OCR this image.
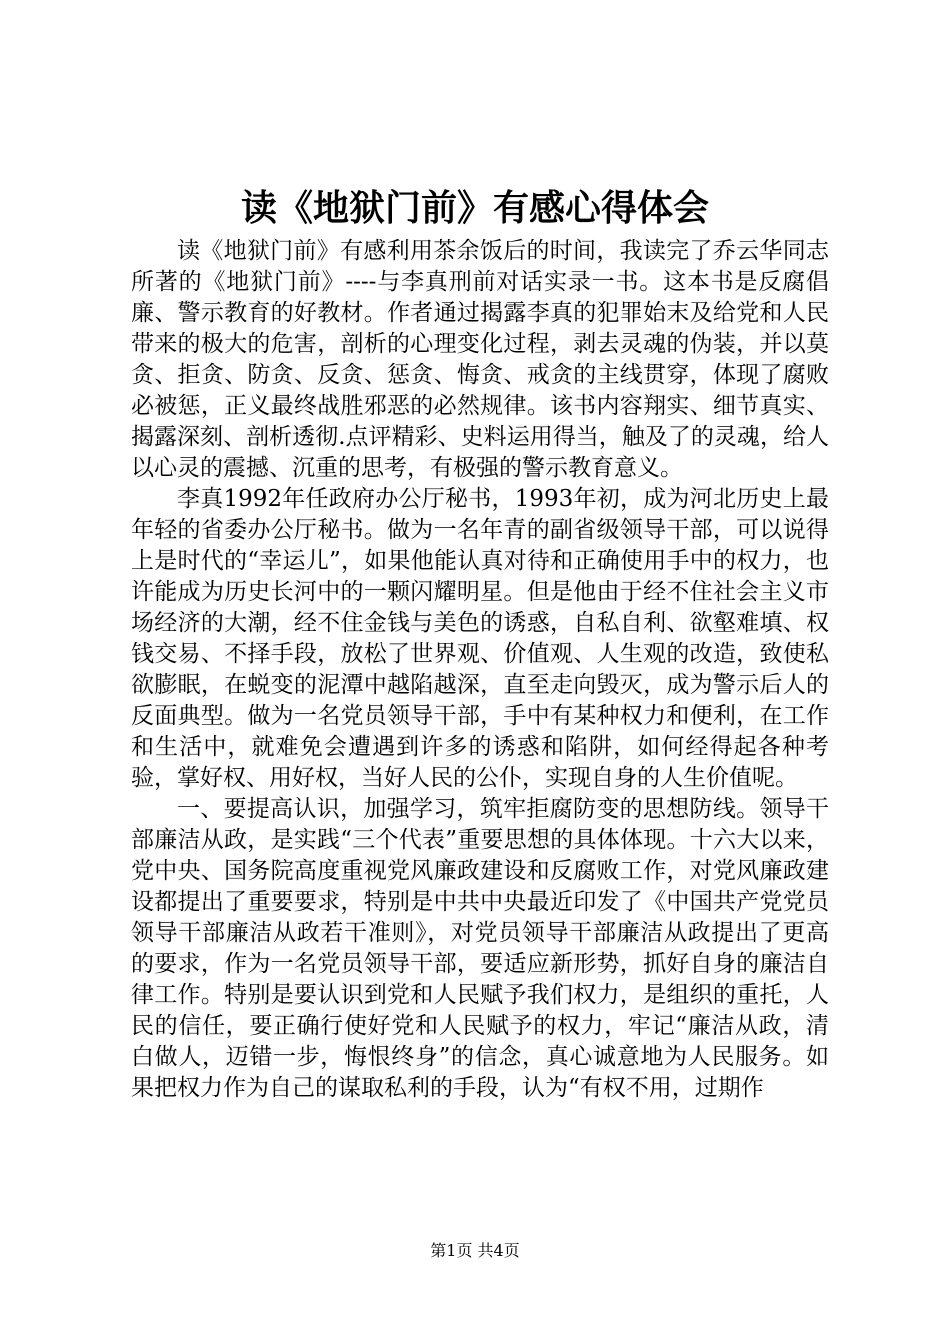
读《地狱门前》有感心得体会

读《地狱门前》有感利用茶余饭后的时间，我读完了乔云华同志所著的《地狱门前》----与李真刑前对话实录一书。这本书是反腐倡廉、警示教育的好教材。作者通过揭露李真的犯罪始末及给党和人民带来的极大的危害，剖析的心理变化过程，剥去灵魂的伪装，并以莫贪、拒贪、防贪、反贪、惩贪、悔贪、戒贪的主线贯穿，体现了腐败必被惩，正义最终战胜邪恶的必然规律。该书内容翔实、细节真实、揭露深刻、剖析透彻.点评精彩、史料运用得当，触及了的灵魂，给人以心灵的震撼、沉重的思考，有极强的警示教育意义。

李真1992年任政府办公厅秘书，1993年初，成为河北历史上最年轻的省委办公厅秘书。做为一名年青的副省级领导干部，可以说得上是时代的“幸运儿”，如果他能认真对待和正确使用手中的权力，也许能成为历史长河中的一颗闪耀明星。但是他由于经不住社会主义市场经济的大潮，经不住金钱与美色的诱惑，自私自利、欲壑难填、权钱交易、不择手段，放松了世界观、价值观、人生观的改造，致使私欲膨眠，在蜕变的泥潭中越陷越深，直至走向毁灭，成为警示后人的反面典型。做为一名党员领导干部，手中有某种权力和便利，在工作和生活中，就难免会遭遇到许多的诱惑和陷阱，如何经得起各种考验，掌好权、用好权，当好人民的公仆，实现自身的人生价值呢。

一、要提高认识，加强学习，筑牢拒腐防变的思想防线。领导干部廉洁从政，是实践“三个代表”重要思想的具体体现。十六大以来，党中央、国务院高度重视党风廉政建设和反腐败工作，对党风廉政建设都提出了重要要求，特别是中共中央最近印发了《中国共产党党员领导干部廉洁从政若干准则》，对党员领导干部廉洁从政提出了更高的要求，作为一名党员领导干部，要适应新形势，抓好自身的廉洁自律工作。特别是要认识到党和人民赋予我们权力，是组织的重托，人民的信任，要正确行使好党和人民赋予的权力，牢记“廉洁从政，清白做人，迈错一步，悔恨终身”的信念，真心诚意地为人民服务。如果把权力作为自己的谋取私利的手段，认为“有权不用，过期作

第1页 共4页
